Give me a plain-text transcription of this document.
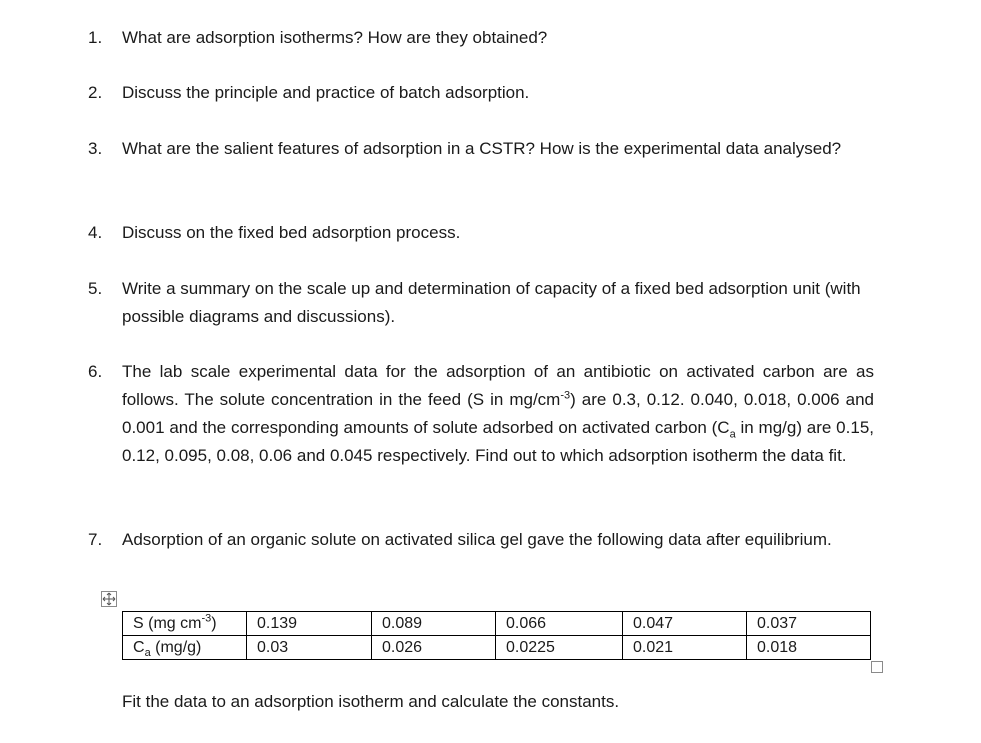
1.	What are adsorption isotherms? How are they obtained?
2.	Discuss the principle and practice of batch adsorption.
3.	What are the salient features of adsorption in a CSTR? How is the experimental data analysed?
4.	Discuss on the fixed bed adsorption process.
5.	Write a summary on the scale up and determination of capacity of a fixed bed adsorption unit (with possible diagrams and discussions).
6.	The lab scale experimental data for the adsorption of an antibiotic on activated carbon are as follows. The solute concentration in the feed (S in $mg/cm^{-3}$) are 0.3, 0.12. 0.040, 0.018, 0.006 and 0.001 and the corresponding amounts of solute adsorbed on activated carbon ($C_a$ in mg/g) are 0.15, 0.12, 0.095, 0.08, 0.06 and 0.045 respectively. Find out to which adsorption isotherm the data fit.
7.	Adsorption of an organic solute on activated silica gel gave the following data after equilibrium.
S (mg $cm^{-3}$)	0.139	0.089	0.066	0.047	0.037
$C_a$ (mg/g)	0.03	0.026	0.0225	0.021	0.018
Fit the data to an adsorption isotherm and calculate the constants.
